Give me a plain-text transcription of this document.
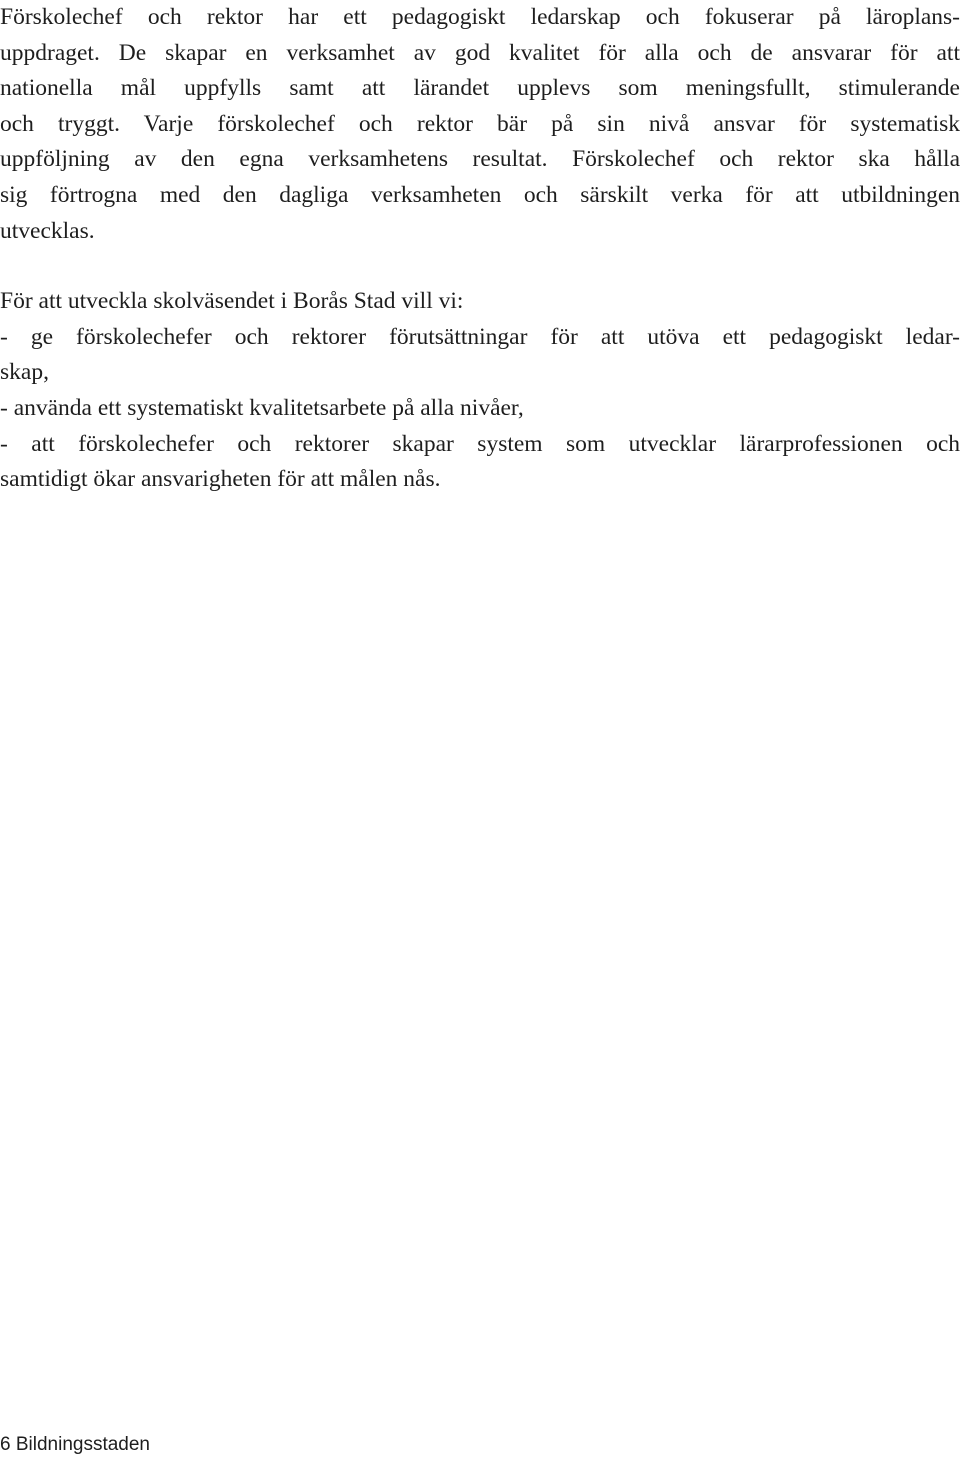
Förskolechef och rektor har ett pedagogiskt ledarskap och fokuserar på läroplans-
uppdraget. De skapar en verksamhet av god kvalitet för alla och de ansvarar för att
nationella mål uppfylls samt att lärandet upplevs som meningsfullt, stimulerande
och tryggt. Varje förskolechef och rektor bär på sin nivå ansvar för systematisk
uppföljning av den egna verksamhetens resultat. Förskolechef och rektor ska hålla
sig förtrogna med den dagliga verksamheten och särskilt verka för att utbildningen
utvecklas.

För att utveckla skolväsendet i Borås Stad vill vi:

- ge förskolechefer och rektorer förutsättningar för att utöva ett pedagogiskt ledar-
skap,

- använda ett systematiskt kvalitetsarbete på alla nivåer,

- att förskolechefer och rektorer skapar system som utvecklar lärarprofessionen och
samtidigt ökar ansvarigheten för att målen nås.

6 Bildningsstaden
